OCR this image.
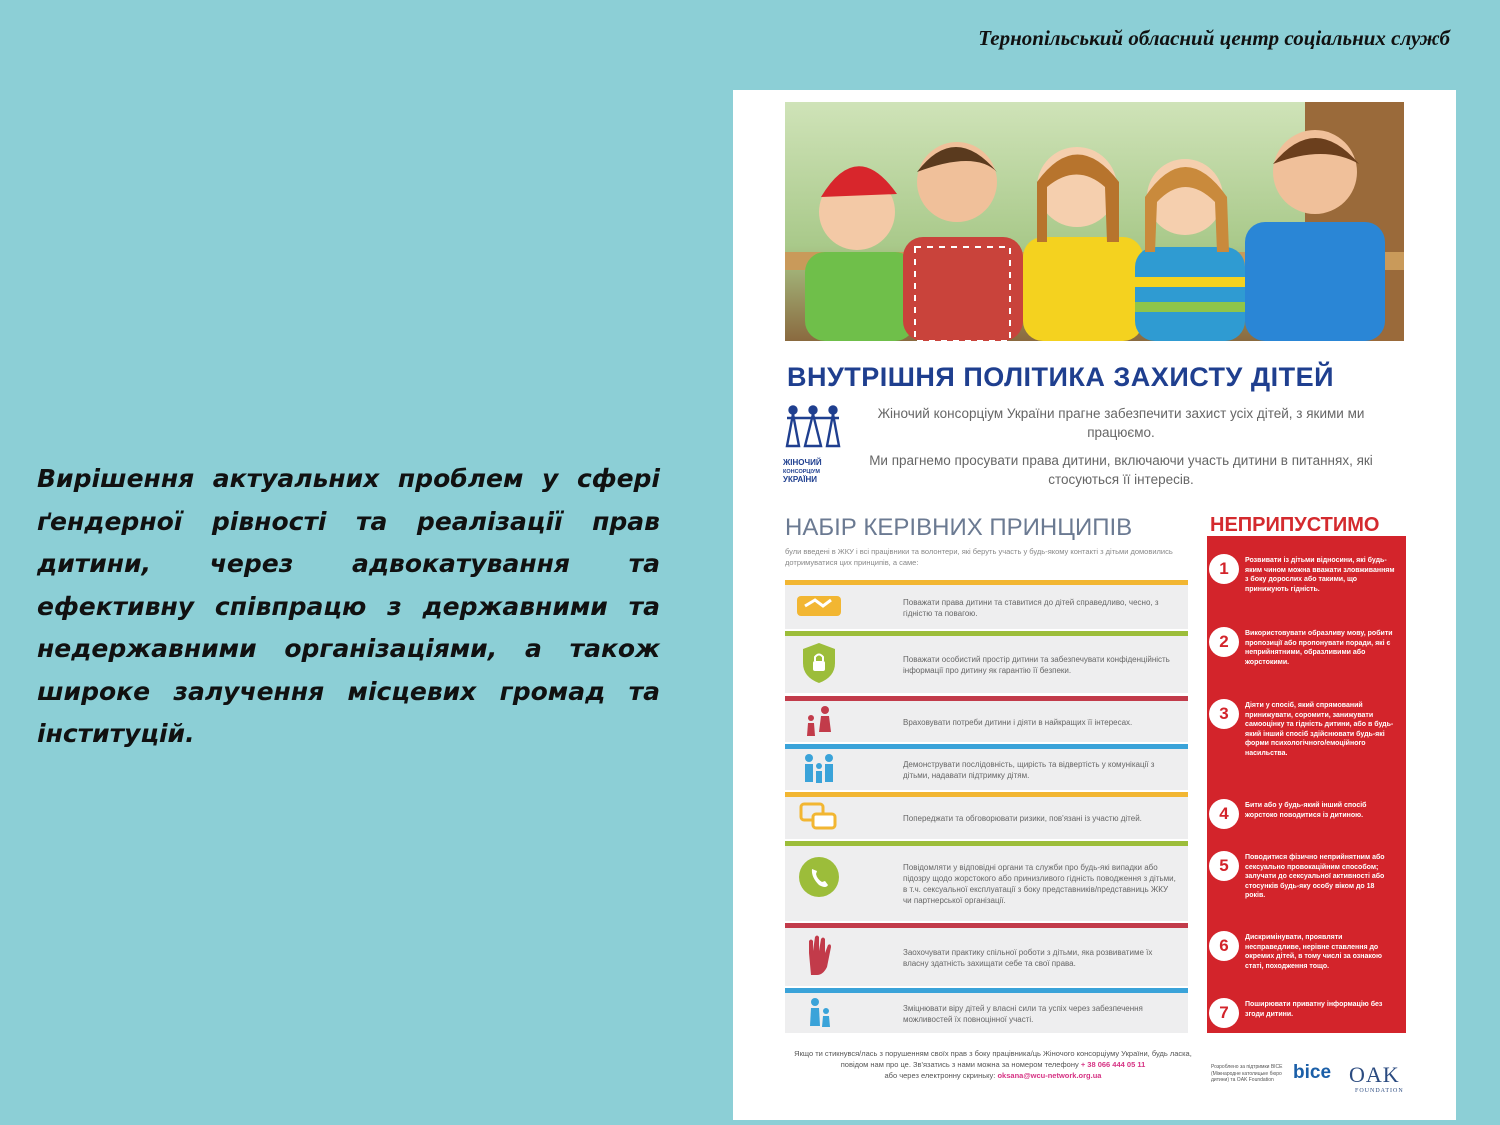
Тернопільський обласний центр соціальних служб
Вирішення актуальних проблем у сфері ґендерної рівності та реалізації прав дитини, через адвокатування та ефективну співпрацю з державними та недержавними організаціями, а також широке залучення місцевих громад та інституцій.
ВНУТРІШНЯ ПОЛІТИКА ЗАХИСТУ ДІТЕЙ
ЖІНОЧИЙ
КОНСОРЦІУМ
УКРАЇНИ
Жіночий консорціум України прагне забезпечити захист усіх дітей, з якими ми працюємо.
Ми прагнемо просувати права дитини, включаючи участь дитини в питаннях, які стосуються її інтересів.
НАБІР КЕРІВНИХ ПРИНЦИПІВ
були введені в ЖКУ і всі працівники та волонтери, які беруть участь у будь-якому контакті з дітьми домовились дотримуватися цих принципів, а саме:
Поважати права дитини та ставитися до дітей справедливо, чесно, з гідністю та повагою.
Поважати особистий простір дитини та забезпечувати конфіденційність інформації про дитину як гарантію її безпеки.
Враховувати потреби дитини і діяти в найкращих її інтересах.
Демонструвати послідовність, щирість та відвертість у комунікації з дітьми, надавати підтримку дітям.
Попереджати та обговорювати ризики, пов'язані із участю дітей.
Повідомляти у відповідні органи та служби про будь-які випадки або підозру щодо жорстокого або принизливого гідність поводження з дітьми, в т.ч. сексуальної експлуатації з боку представників/представниць ЖКУ чи партнерської організації.
Заохочувати практику спільної роботи з дітьми, яка розвиватиме їх власну здатність захищати себе та свої права.
Зміцнювати віру дітей у власні сили та успіх через забезпечення можливостей їх повноцінної участі.
НЕПРИПУСТИМО
1	Розвивати із дітьми відносини, які будь-яким чином можна вважати зловживанням з боку дорослих або такими, що принижують гідність.
2	Використовувати образливу мову, робити пропозиції або пропонувати поради, які є неприйнятними, образливими або жорстокими.
3	Діяти у спосіб, який спрямований принижувати, соромити, занижувати самооцінку та гідність дитини, або в будь-який інший спосіб здійснювати будь-які форми психологічного/емоційного насильства.
4	Бити або у будь-який інший спосіб жорстоко поводитися із дитиною.
5	Поводитися фізично неприйнятним або сексуально провокаційним способом; залучати до сексуальної активності або стосунків будь-яку особу віком до 18 років.
6	Дискримінувати, проявляти несправедливе, нерівне ставлення до окремих дітей, в тому числі за ознакою статі, походження тощо.
7	Поширювати приватну інформацію без згоди дитини.
Якщо ти стикнувся/лась з порушенням своїх прав з боку працівника/ць Жіночого консорціуму України, будь ласка, повідом нам про це. Зв'язатись з нами можна за номером телефону + 38 066 444 05 11
або через електронну скриньку: oksana@wcu-network.org.ua
Розроблено за підтримки BICE (Міжнародне католицьке бюро дитини) та OAK Foundation	bice OAK
FOUNDATION
